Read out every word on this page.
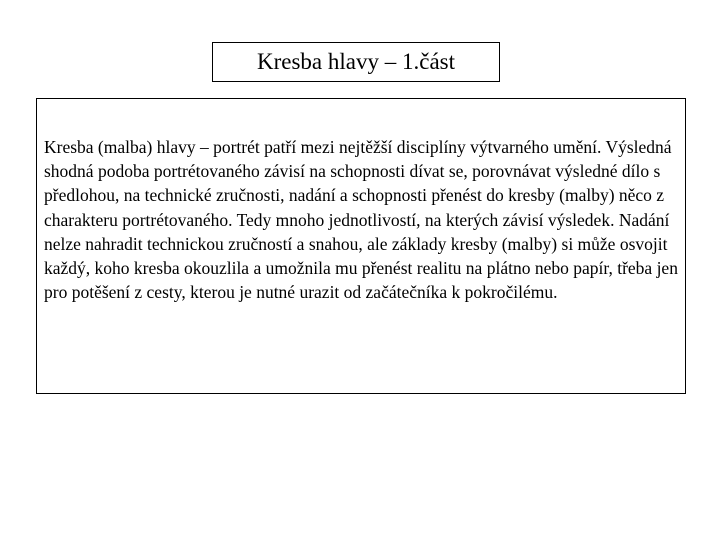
Kresba hlavy – 1.část

Kresba (malba) hlavy – portrét patří mezi nejtěžší disciplíny výtvarného umění. Výsledná shodná podoba portrétovaného závisí na schopnosti dívat se, porovnávat výsledné dílo s předlohou, na technické zručnosti, nadání a schopnosti přenést do kresby (malby) něco z charakteru portrétovaného. Tedy mnoho jednotlivostí, na kterých závisí výsledek. Nadání nelze nahradit technickou zručností a snahou, ale základy kresby (malby) si může osvojit každý, koho kresba okouzlila a umožnila mu přenést realitu na plátno nebo papír, třeba jen pro potěšení z cesty, kterou je nutné urazit od začátečníka k pokročilému.
